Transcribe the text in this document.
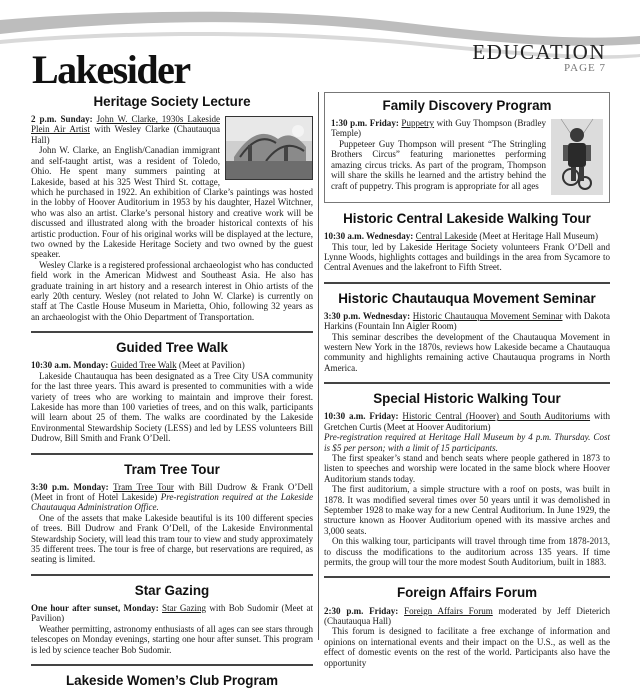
Lakesider	EDUCATION
PAGE 7
Heritage Society Lecture

2 p.m. Sunday: John W. Clarke, 1930s Lakeside Plein Air Artist with Wesley Clarke (Chautauqua Hall)

John W. Clarke, an English/Canadian immigrant and self-taught artist, was a resident of Toledo, Ohio. He spent many summers painting at Lakeside, based at his 325 West Third St. cottage, which he purchased in 1922. An exhibition of Clarke’s paintings was hosted in the lobby of Hoover Auditorium in 1953 by his daughter, Hazel Witchner, who was also an artist. Clarke’s personal history and creative work will be discussed and illustrated along with the broader historical contexts of his artistic production. Four of his original works will be displayed at the lecture, two owned by the Lakeside Heritage Society and two owned by the guest speaker.

Wesley Clarke is a registered professional archaeologist who has conducted field work in the American Midwest and Southeast Asia. He also has graduate training in art history and a research interest in Ohio artists of the early 20th century. Wesley (not related to John W. Clarke) is currently on staff at The Castle House Museum in Marietta, Ohio, following 32 years as an archaeologist with the Ohio Department of Transportation.

Guided Tree Walk

10:30 a.m. Monday: Guided Tree Walk (Meet at Pavilion)

Lakeside Chautauqua has been designated as a Tree City USA community for the last three years. This award is presented to communities with a wide variety of trees who are working to maintain and improve their forest. Lakeside has more than 100 varieties of trees, and on this walk, participants will learn about 25 of them. The walks are coordinated by the Lakeside Environmental Stewardship Society (LESS) and led by LESS volunteers Bill Dudrow, Bill Smith and Frank O’Dell.

Tram Tree Tour

3:30 p.m. Monday: Tram Tree Tour with Bill Dudrow & Frank O’Dell (Meet in front of Hotel Lakeside) Pre-registration required at the Lakeside Chautauqua Administration Office.

One of the assets that make Lakeside beautiful is its 100 different species of trees. Bill Dudrow and Frank O’Dell, of the Lakeside Environmental Stewardship Society, will lead this tram tour to view and study approximately 35 different trees. The tour is free of charge, but reservations are required, as seating is limited.

Star Gazing

One hour after sunset, Monday: Star Gazing with Bob Sudomir (Meet at Pavilion)

Weather permitting, astronomy enthusiasts of all ages can see stars through telescopes on Monday evenings, starting one hour after sunset. This program is led by science teacher Bob Sudomir.

Lakeside Women’s Club Program
Family Discovery Program

1:30 p.m. Friday: Puppetry with Guy Thompson (Bradley Temple)

Puppeteer Guy Thompson will present “The Stringling Brothers Circus” featuring marionettes performing amazing circus tricks. As part of the program, Thompson will share the skills he learned and the artistry behind the craft of puppetry. This program is appropriate for all ages

Historic Central Lakeside Walking Tour

10:30 a.m. Wednesday: Central Lakeside (Meet at Heritage Hall Museum)

This tour, led by Lakeside Heritage Society volunteers Frank O’Dell and Lynne Woods, highlights cottages and buildings in the area from Sycamore to Central Avenues and the lakefront to Fifth Street.

Historic Chautauqua Movement Seminar

3:30 p.m. Wednesday: Historic Chautauqua Movement Seminar with Dakota Harkins (Fountain Inn Aigler Room)

This seminar describes the development of the Chautauqua Movement in western New York in the 1870s, reviews how Lakeside became a Chautauqua community and highlights remaining active Chautauqua programs in North America.

Special Historic Walking Tour

10:30 a.m. Friday: Historic Central (Hoover) and South Auditoriums with Gretchen Curtis (Meet at Hoover Auditorium)

Pre-registration required at Heritage Hall Museum by 4 p.m. Thursday. Cost is $5 per person; with a limit of 15 participants.

The first speaker’s stand and bench seats where people gathered in 1873 to listen to speeches and worship were located in the same block where Hoover Auditorium stands today.

The first auditorium, a simple structure with a roof on posts, was built in 1878. It was modified several times over 50 years until it was demolished in September 1928 to make way for a new Central Auditorium. In June 1929, the structure known as Hoover Auditorium opened with its massive arches and 3,000 seats.

On this walking tour, participants will travel through time from 1878-2013, to discuss the modifications to the auditorium across 135 years. If time permits, the group will tour the more modest South Auditorium, built in 1883.

Foreign Affairs Forum

2:30 p.m. Friday: Foreign Affairs Forum moderated by Jeff Dieterich (Chautauqua Hall)

This forum is designed to facilitate a free exchange of information and opinions on international events and their impact on the U.S., as well as the effect of domestic events on the rest of the world. Participants also have the opportunity
